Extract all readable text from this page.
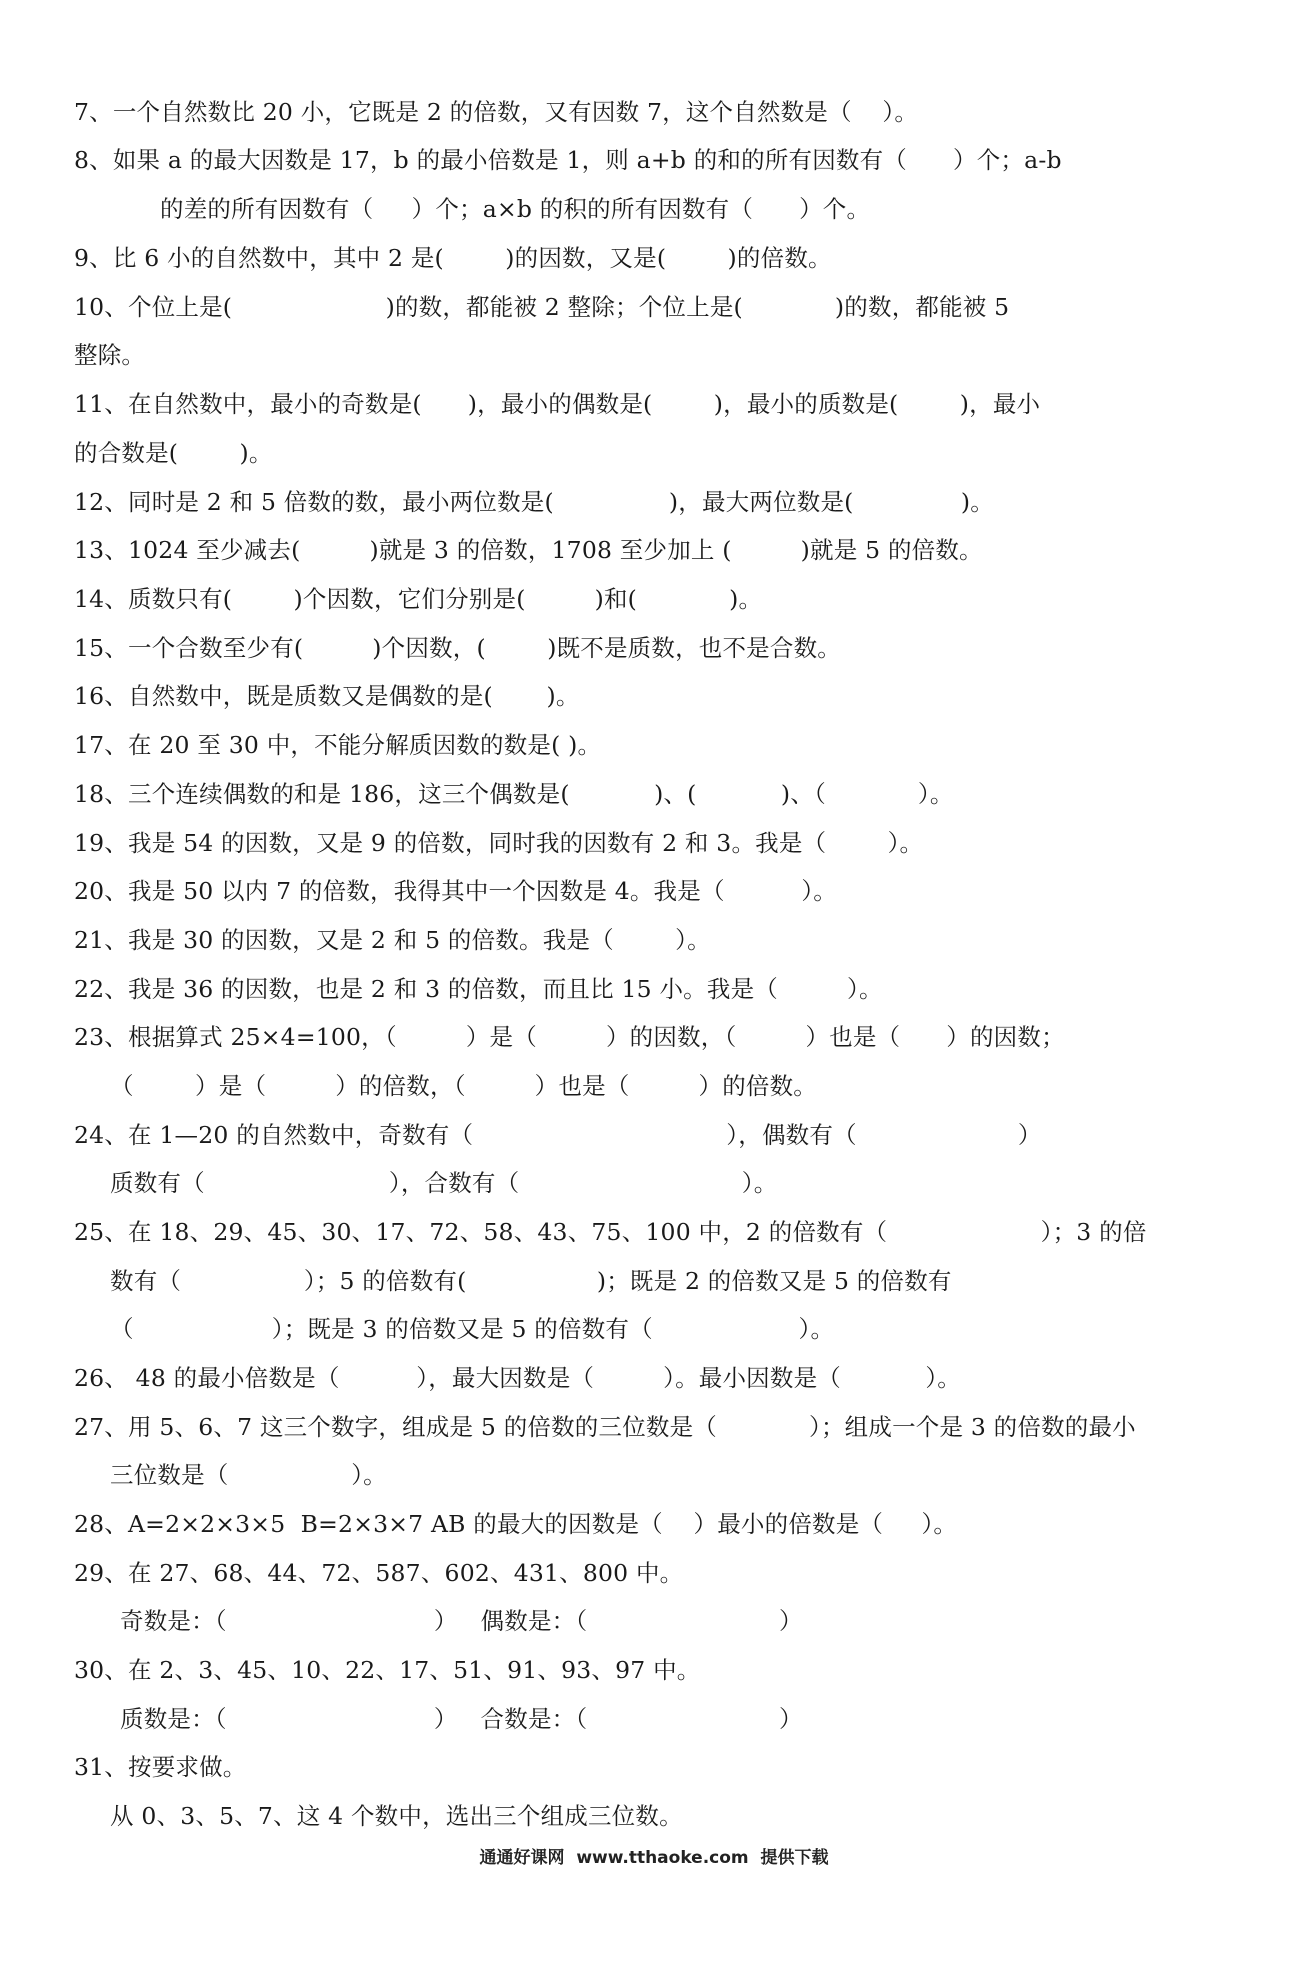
7、一个自然数比 20 小，它既是 2 的倍数，又有因数 7，这个自然数是（    ）。
8、如果 a 的最大因数是 17，b 的最小倍数是 1，则 a+b 的和的所有因数有（      ）个；a-b
的差的所有因数有（     ）个；a×b 的积的所有因数有（      ）个。
9、比 6 小的自然数中，其中 2 是(        )的因数，又是(        )的倍数。
10、个位上是(                    )的数，都能被 2 整除；个位上是(            )的数，都能被 5
整除。
11、在自然数中，最小的奇数是(      )，最小的偶数是(        )，最小的质数是(        )，最小
的合数是(        )。
12、同时是 2 和 5 倍数的数，最小两位数是(               )，最大两位数是(              )。
13、1024 至少减去(         )就是 3 的倍数，1708 至少加上 (         )就是 5 的倍数。
14、质数只有(        )个因数，它们分别是(         )和(            )。
15、一个合数至少有(         )个因数，(        )既不是质数，也不是合数。
16、自然数中，既是质数又是偶数的是(       )。
17、在 20 至 30 中，不能分解质因数的数是( )。
18、三个连续偶数的和是 186，这三个偶数是(           )、(           )、（            ）。
19、我是 54 的因数，又是 9 的倍数，同时我的因数有 2 和 3。我是（        ）。
20、我是 50 以内 7 的倍数，我得其中一个因数是 4。我是（          ）。
21、我是 30 的因数，又是 2 和 5 的倍数。我是（        ）。
22、我是 36 的因数，也是 2 和 3 的倍数，而且比 15 小。我是（         ）。
23、根据算式 25×4=100，（         ）是（         ）的因数，（         ）也是（      ）的因数；
（        ）是（         ）的倍数，（         ）也是（         ）的倍数。
24、在 1—20 的自然数中，奇数有（                                 ），偶数有（                     ）
质数有（                        ），合数有（                             ）。
25、在 18、29、45、30、17、72、58、43、75、100 中，2 的倍数有（                    ）；3 的倍
数有（                ）；5 的倍数有(                 )；既是 2 的倍数又是 5 的倍数有
（                  ）；既是 3 的倍数又是 5 的倍数有（                   ）。
26、 48 的最小倍数是（          ），最大因数是（         ）。最小因数是（           ）。
27、用 5、6、7 这三个数字，组成是 5 的倍数的三位数是（            ）；组成一个是 3 的倍数的最小
三位数是（                ）。
28、A=2×2×3×5  B=2×3×7 AB 的最大的因数是（    ）最小的倍数是（     ）。
29、在 27、68、44、72、587、602、431、800 中。
奇数是：（                           ）   偶数是：（                         ）
30、在 2、3、45、10、22、17、51、91、93、97 中。
质数是：（                           ）   合数是：（                         ）
31、按要求做。
从 0、3、5、7、这 4 个数中，选出三个组成三位数。
通通好课网  www.tthaoke.com  提供下载
